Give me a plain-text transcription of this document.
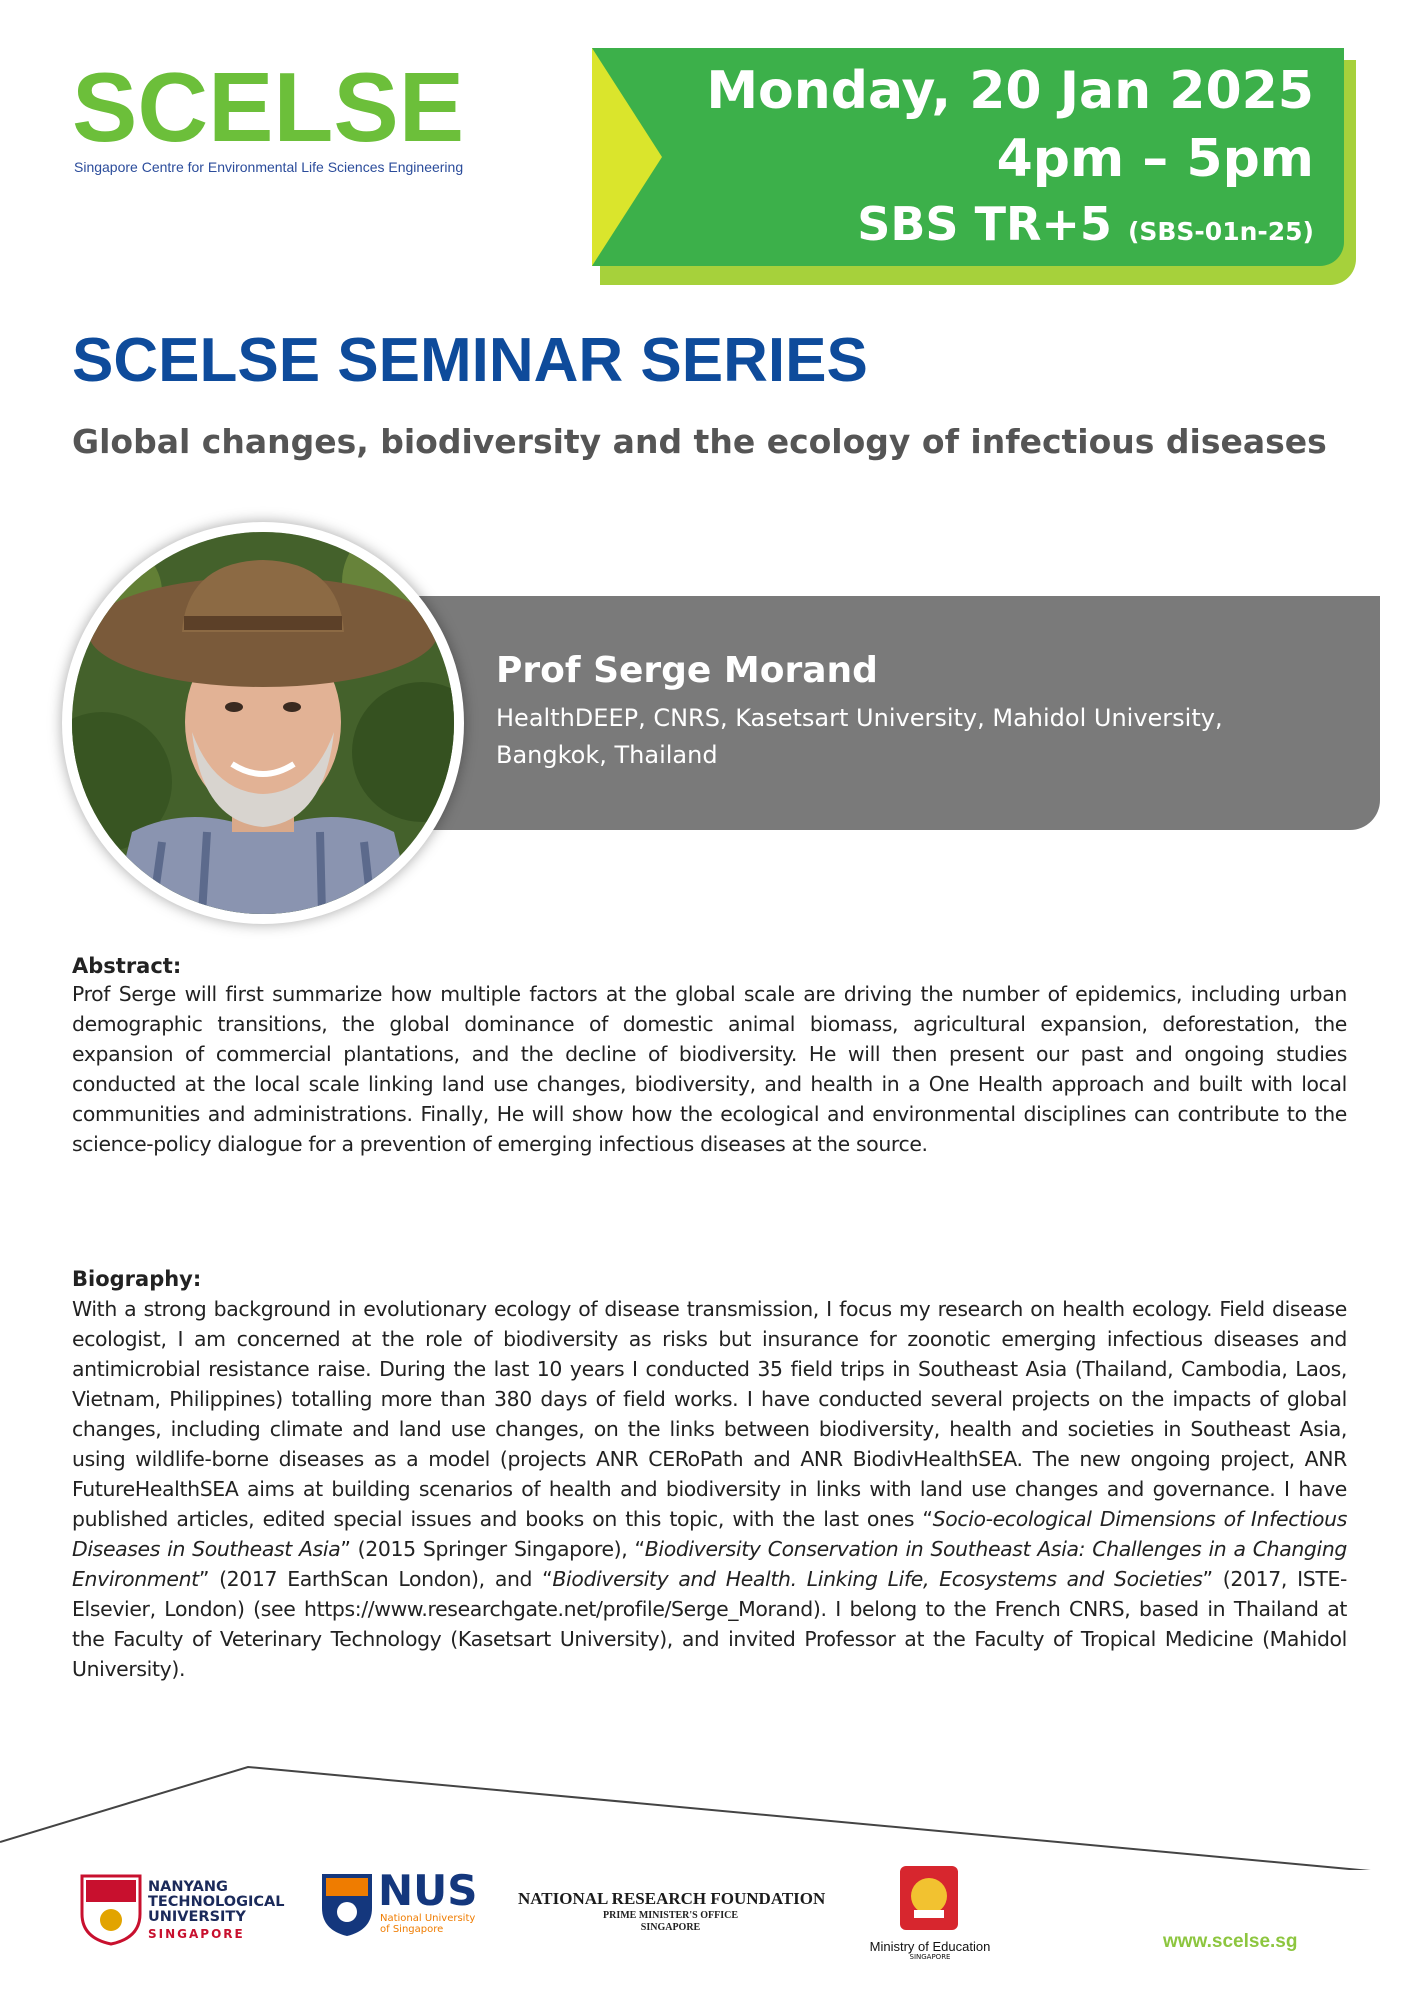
SCELSE
Singapore Centre for Environmental Life Sciences Engineering
Monday, 20 Jan 2025
4pm – 5pm
SBS TR+5 (SBS-01n-25)
SCELSE SEMINAR SERIES
Global changes, biodiversity and the ecology of infectious diseases
Prof Serge Morand
HealthDEEP, CNRS, Kasetsart University, Mahidol University, Bangkok, Thailand
Abstract:
Prof Serge will first summarize how multiple factors at the global scale are driving the number of epidemics, including urban demographic transitions, the global dominance of domestic animal biomass, agricultural expansion, deforestation, the expansion of commercial plantations, and the decline of biodiversity. He will then present our past and ongoing studies conducted at the local scale linking land use changes, biodiversity, and health in a One Health approach and built with local communities and administrations. Finally, He will show how the ecological and environmental disciplines can contribute to the science-policy dialogue for a prevention of emerging infectious diseases at the source.
Biography:
With a strong background in evolutionary ecology of disease transmission, I focus my research on health ecology. Field disease ecologist, I am concerned at the role of biodiversity as risks but insurance for zoonotic emerging infectious diseases and antimicrobial resistance raise. During the last 10 years I conducted 35 field trips in Southeast Asia (Thailand, Cambodia, Laos, Vietnam, Philippines) totalling more than 380 days of field works. I have conducted several projects on the impacts of global changes, including climate and land use changes, on the links between biodiversity, health and societies in Southeast Asia, using wildlife-borne diseases as a model (projects ANR CERoPath and ANR BiodivHealthSEA. The new ongoing project, ANR FutureHealthSEA aims at building scenarios of health and biodiversity in links with land use changes and governance. I have published articles, edited special issues and books on this topic, with the last ones “Socio-ecological Dimensions of Infectious Diseases in Southeast Asia” (2015 Springer Singapore), “Biodiversity Conservation in Southeast Asia: Challenges in a Changing Environment” (2017 EarthScan London), and “Biodiversity and Health. Linking Life, Ecosystems and Societies” (2017, ISTE-Elsevier, London) (see https://www.researchgate.net/profile/Serge_Morand). I belong to the French CNRS, based in Thailand at the Faculty of Veterinary Technology (Kasetsart University), and invited Professor at the Faculty of Tropical Medicine (Mahidol University).
NANYANG
TECHNOLOGICAL
UNIVERSITY
SINGAPORE
NUS
National University
of Singapore
NATIONAL RESEARCH FOUNDATION
PRIME MINISTER'S OFFICE
SINGAPORE
Ministry of Education
SINGAPORE
www.scelse.sg
